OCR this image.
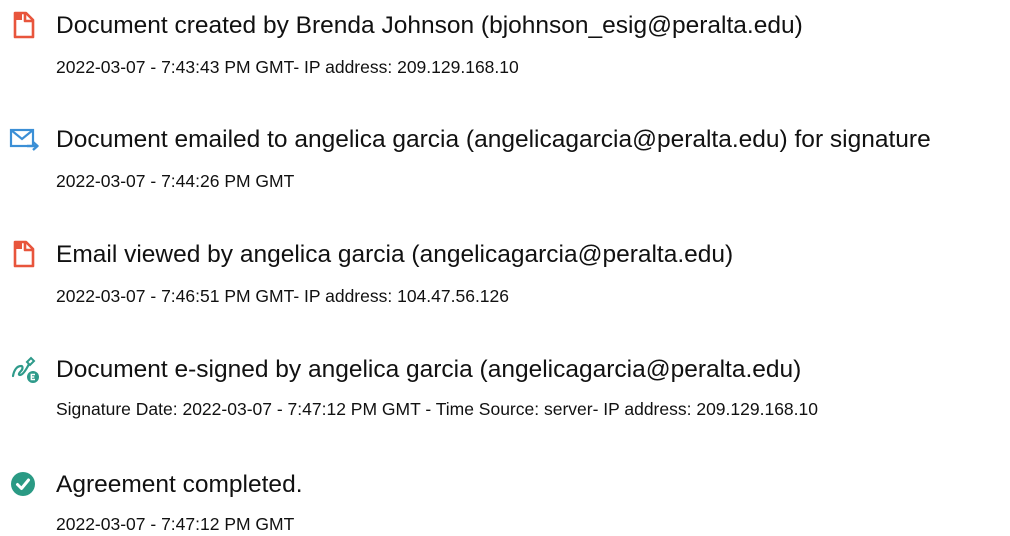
Document created by Brenda Johnson (bjohnson_esig@peralta.edu)
2022-03-07 - 7:43:43 PM GMT- IP address: 209.129.168.10
Document emailed to angelica garcia (angelicagarcia@peralta.edu) for signature
2022-03-07 - 7:44:26 PM GMT
Email viewed by angelica garcia (angelicagarcia@peralta.edu)
2022-03-07 - 7:46:51 PM GMT- IP address: 104.47.56.126
Document e-signed by angelica garcia (angelicagarcia@peralta.edu)
Signature Date: 2022-03-07 - 7:47:12 PM GMT - Time Source: server- IP address: 209.129.168.10
Agreement completed.
2022-03-07 - 7:47:12 PM GMT
